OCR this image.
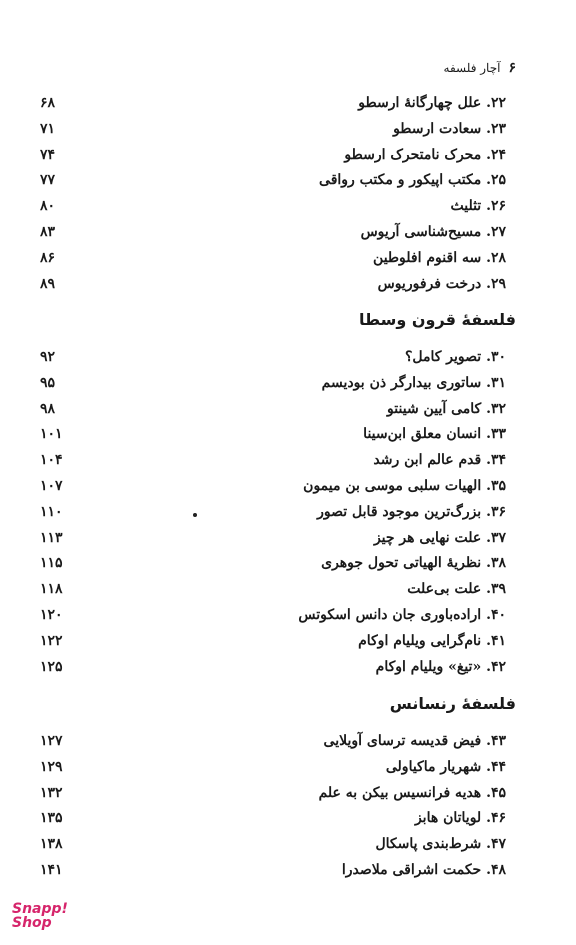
۶
آچار فلسفه
۶۸	۲۲. علل چهارگانهٔ ارسطو
۷۱	۲۳. سعادت ارسطو
۷۴	۲۴. محرک نامتحرک ارسطو
۷۷	۲۵. مکتب اپیکور و مکتب رواقی
۸۰	۲۶. تثلیث
۸۳	۲۷. مسیح‌شناسی آریوس
۸۶	۲۸. سه اقنوم افلوطین
۸۹	۲۹. درخت فرفوریوس
فلسفهٔ قرون وسطا
۹۲	۳۰. تصویر کامل؟
۹۵	۳۱. ساتوری بیدارگر ذن بودیسم
۹۸	۳۲. کامی آیین شینتو
۱۰۱	۳۳. انسان معلق ابن‌سینا
۱۰۴	۳۴. قدم عالم ابن رشد
۱۰۷	۳۵. الهیات سلبی موسی بن میمون
۱۱۰	۳۶. بزرگ‌ترین موجود قابل تصور
۱۱۳	۳۷. علت نهایی هر چیز
۱۱۵	۳۸. نظریهٔ الهیاتی تحول جوهری
۱۱۸	۳۹. علت بی‌علت
۱۲۰	۴۰. اراده‌باوری جان دانس اسکوتس
۱۲۲	۴۱. نام‌گرایی ویلیام اوکام
۱۲۵	۴۲. «تیغ» ویلیام اوکام
فلسفهٔ رنسانس
۱۲۷	۴۳. فیض قدیسه ترسای آویلایی
۱۲۹	۴۴. شهریار ماکیاولی
۱۳۲	۴۵. هدیه فرانسیس بیکن به علم
۱۳۵	۴۶. لویاتان هابز
۱۳۸	۴۷. شرط‌بندی پاسکال
۱۴۱	۴۸. حکمت اشراقی ملاصدرا
Snapp!
Shop
